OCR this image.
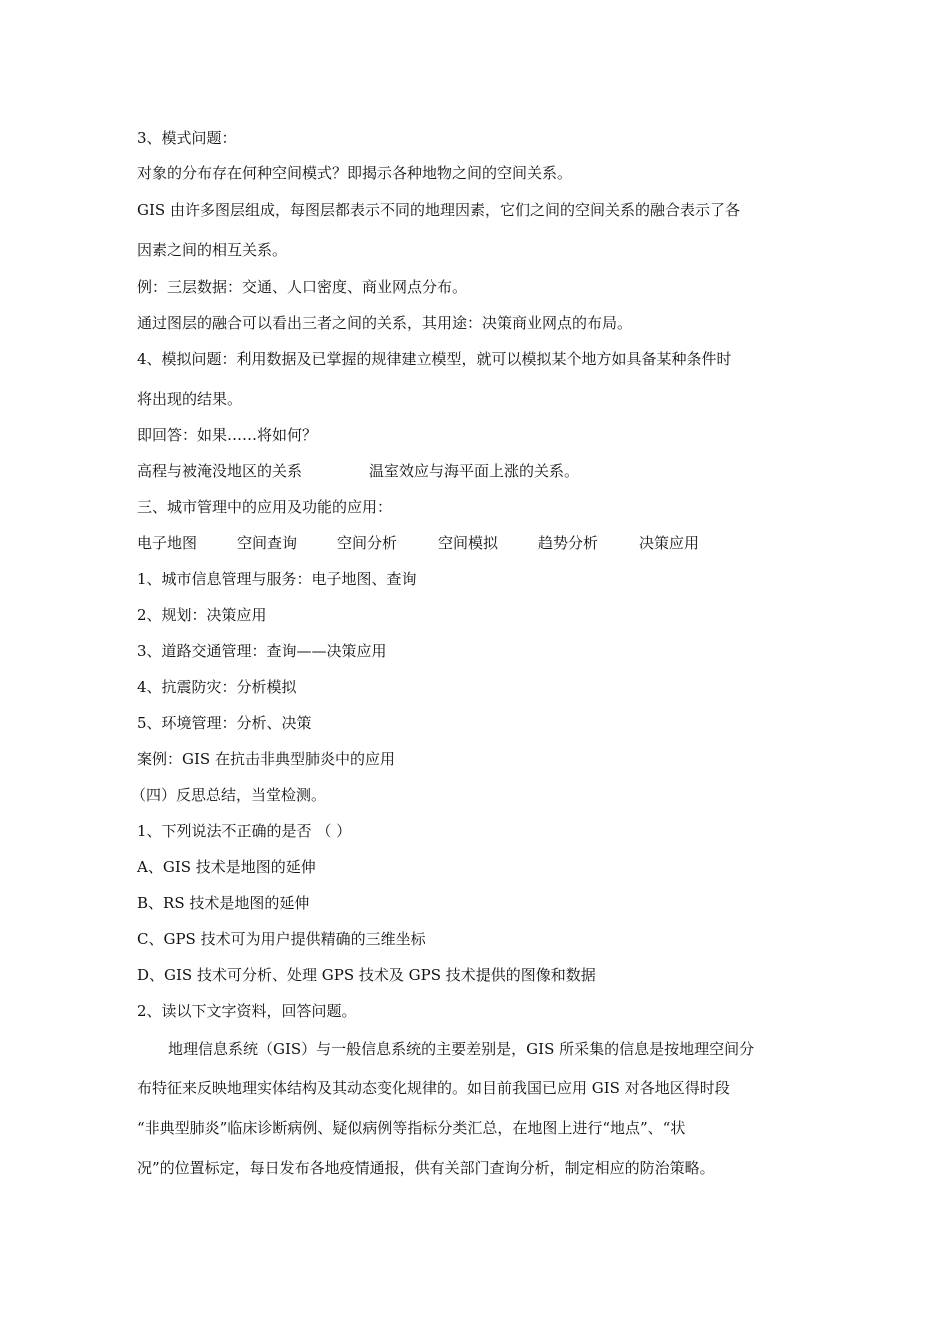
3、模式问题：
对象的分布存在何种空间模式？即揭示各种地物之间的空间关系。
GIS 由许多图层组成，每图层都表示不同的地理因素，它们之间的空间关系的融合表示了各
因素之间的相互关系。
例：三层数据：交通、人口密度、商业网点分布。
通过图层的融合可以看出三者之间的关系，其用途：决策商业网点的布局。
4、模拟问题：利用数据及已掌握的规律建立模型，就可以模拟某个地方如具备某种条件时
将出现的结果。
即回答：如果……将如何？
高程与被淹没地区的关系	温室效应与海平面上涨的关系。
三、城市管理中的应用及功能的应用：
电子地图	空间查询	空间分析	空间模拟	趋势分析	决策应用
1、城市信息管理与服务：电子地图、查询
2、规划：决策应用
3、道路交通管理：查询——决策应用
4、抗震防灾：分析模拟
5、环境管理：分析、决策
案例：GIS 在抗击非典型肺炎中的应用
（四）反思总结，当堂检测。
1、下列说法不正确的是否 （ ）
A、GIS 技术是地图的延伸
B、RS 技术是地图的延伸
C、GPS 技术可为用户提供精确的三维坐标
D、GIS 技术可分析、处理 GPS 技术及 GPS 技术提供的图像和数据
2、读以下文字资料，回答问题。
地理信息系统（GIS）与一般信息系统的主要差别是，GIS 所采集的信息是按地理空间分
布特征来反映地理实体结构及其动态变化规律的。如目前我国已应用 GIS 对各地区得时段
“非典型肺炎”临床诊断病例、疑似病例等指标分类汇总，在地图上进行“地点”、“状
况”的位置标定，每日发布各地疫情通报，供有关部门查询分析，制定相应的防治策略。
